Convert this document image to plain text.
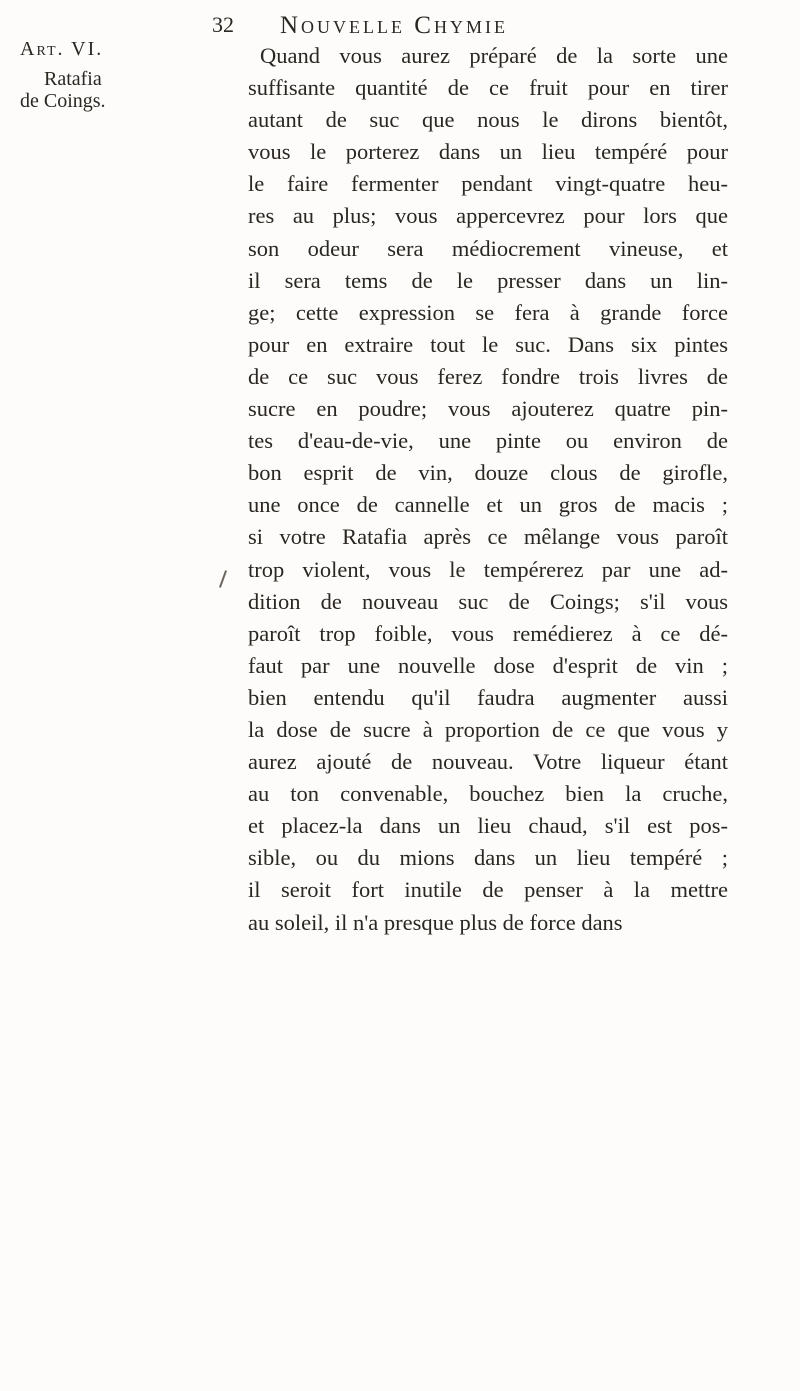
32 Nouvelle Chymie
Art. VI.
Ratafia
de Coings.
Quand vous aurez préparé de la sorte une
suffisante quantité de ce fruit pour en tirer
autant de suc que nous le dirons bientôt,
vous le porterez dans un lieu tempéré pour
le faire fermenter pendant vingt-quatre heu-
res au plus; vous appercevrez pour lors que
son odeur sera médiocrement vineuse, et
il sera tems de le presser dans un lin-
ge; cette expression se fera à grande force
pour en extraire tout le suc. Dans six pintes
de ce suc vous ferez fondre trois livres de
sucre en poudre; vous ajouterez quatre pin-
tes d'eau-de-vie, une pinte ou environ de
bon esprit de vin, douze clous de girofle,
une once de cannelle et un gros de macis ;
si votre Ratafia après ce mêlange vous paroît
trop violent, vous le tempérerez par une ad-
dition de nouveau suc de Coings; s'il vous
paroît trop foible, vous remédierez à ce dé-
faut par une nouvelle dose d'esprit de vin ;
bien entendu qu'il faudra augmenter aussi
la dose de sucre à proportion de ce que vous y
aurez ajouté de nouveau. Votre liqueur étant
au ton convenable, bouchez bien la cruche,
et placez-la dans un lieu chaud, s'il est pos-
sible, ou du mions dans un lieu tempéré ;
il seroit fort inutile de penser à la mettre
au soleil, il n'a presque plus de force dans
